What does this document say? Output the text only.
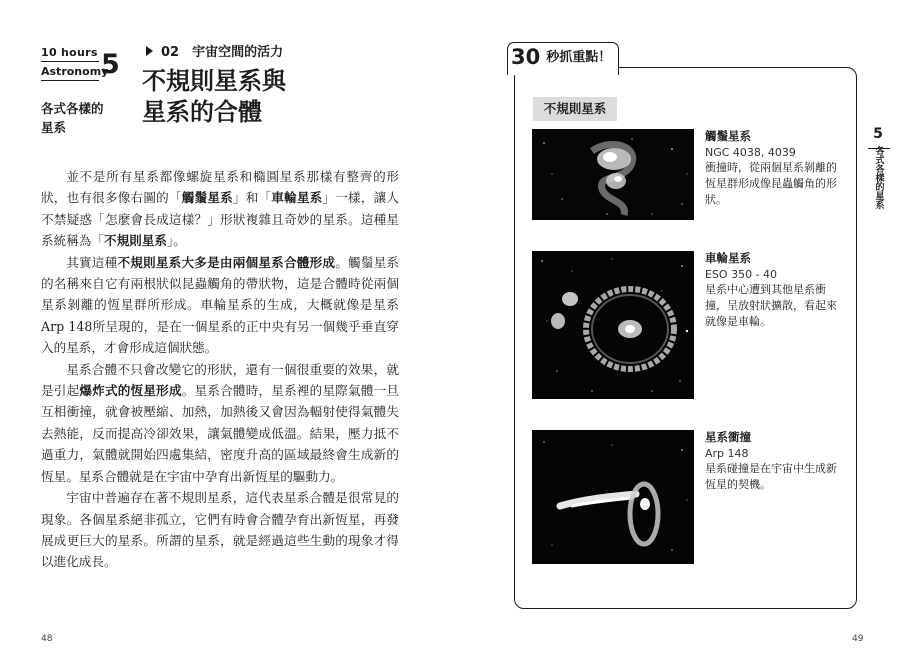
10 hours
Astronomy
5
各式各樣的星系
02　宇宙空間的活力
不規則星系與
星系的合體

並不是所有星系都像螺旋星系和橢圓星系那樣有整齊的形狀，也有很多像右圖的「觸鬚星系」和「車輪星系」一樣，讓人不禁疑惑「怎麼會長成這樣？」形狀複雜且奇妙的星系。這種星系統稱為「不規則星系」。

其實這種不規則星系大多是由兩個星系合體形成。觸鬚星系的名稱來自它有兩根狀似昆蟲觸角的帶狀物，這是合體時從兩個星系剝離的恆星群所形成。車輪星系的生成，大概就像是星系Arp 148所呈現的，是在一個星系的正中央有另一個幾乎垂直穿入的星系，才會形成這個狀態。

星系合體不只會改變它的形狀，還有一個很重要的效果，就是引起爆炸式的恆星形成。星系合體時，星系裡的星際氣體一旦互相衝撞，就會被壓縮、加熱，加熱後又會因為輻射使得氣體失去熱能，反而提高冷卻效果，讓氣體變成低溫。結果，壓力抵不過重力，氣體就開始四處集結，密度升高的區域最終會生成新的恆星。星系合體就是在宇宙中孕育出新恆星的驅動力。

宇宙中普遍存在著不規則星系，這代表星系合體是很常見的現象。各個星系絕非孤立，它們有時會合體孕育出新恆星，再發展成更巨大的星系。所謂的星系，就是經過這些生動的現象才得以進化成長。

48
30 秒抓重點！
不規則星系
觸鬚星系
NGC 4038, 4039
衝撞時，從兩個星系剝離的恆星群形成像昆蟲觸角的形狀。
車輪星系
ESO 350 - 40
星系中心遭到其他星系衝撞，呈放射狀擴散，看起來就像是車輪。
星系衝撞
Arp 148
星系碰撞是在宇宙中生成新恆星的契機。
5
各式各樣的星系
49
